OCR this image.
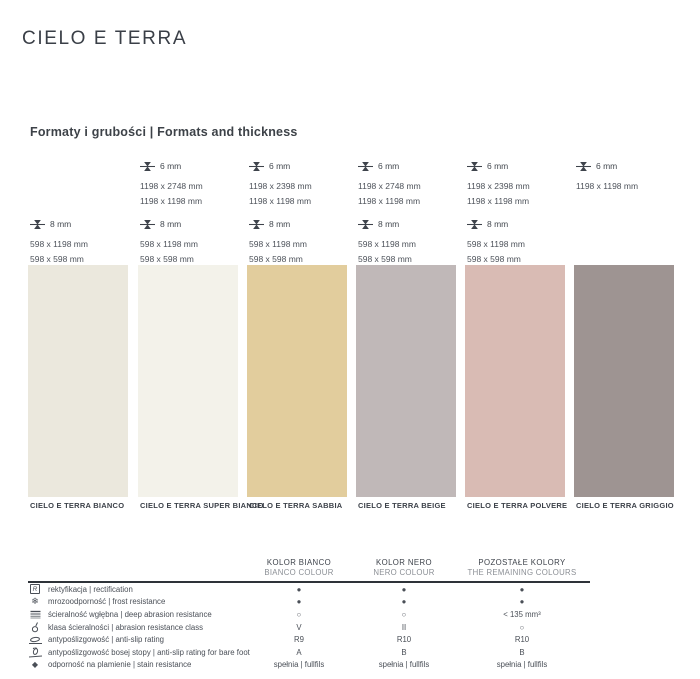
CIELO E TERRA
Formaty i grubości | Formats and thickness
8 mm
598 x 1198 mm
598 x 598 mm
CIELO E TERRA BIANCO
6 mm
1198 x 2748 mm
1198 x 1198 mm
8 mm
598 x 1198 mm
598 x 598 mm
CIELO E TERRA SUPER BIANCO
6 mm
1198 x 2398 mm
1198 x 1198 mm
8 mm
598 x 1198 mm
598 x 598 mm
CIELO E TERRA SABBIA
6 mm
1198 x 2748 mm
1198 x 1198 mm
8 mm
598 x 1198 mm
598 x 598 mm
CIELO E TERRA BEIGE
6 mm
1198 x 2398 mm
1198 x 1198 mm
8 mm
598 x 1198 mm
598 x 598 mm
CIELO E TERRA POLVERE
6 mm
1198 x 1198 mm
CIELO E TERRA GRIGGIO
KOLOR BIANCO
BIANCO COLOUR
KOLOR NERO
NERO COLOUR
POZOSTAŁE KOLORY
THE REMAINING COLOURS
R rektyfikacja | rectification	●	●	●
❄ mrozoodporność | frost resistance	●	●	●
ścieralność wgłębna | deep abrasion resistance	○	○	< 135 mm³
klasa ścieralności | abrasion resistance class	V	II	○
antypoślizgowość | anti-slip rating	R9	R10	R10
antypoślizgowość bosej stopy | anti-slip rating for bare foot	A	B	B
◆ odporność na plamienie | stain resistance	spełnia | fullfils	spełnia | fullfils	spełnia | fullfils
